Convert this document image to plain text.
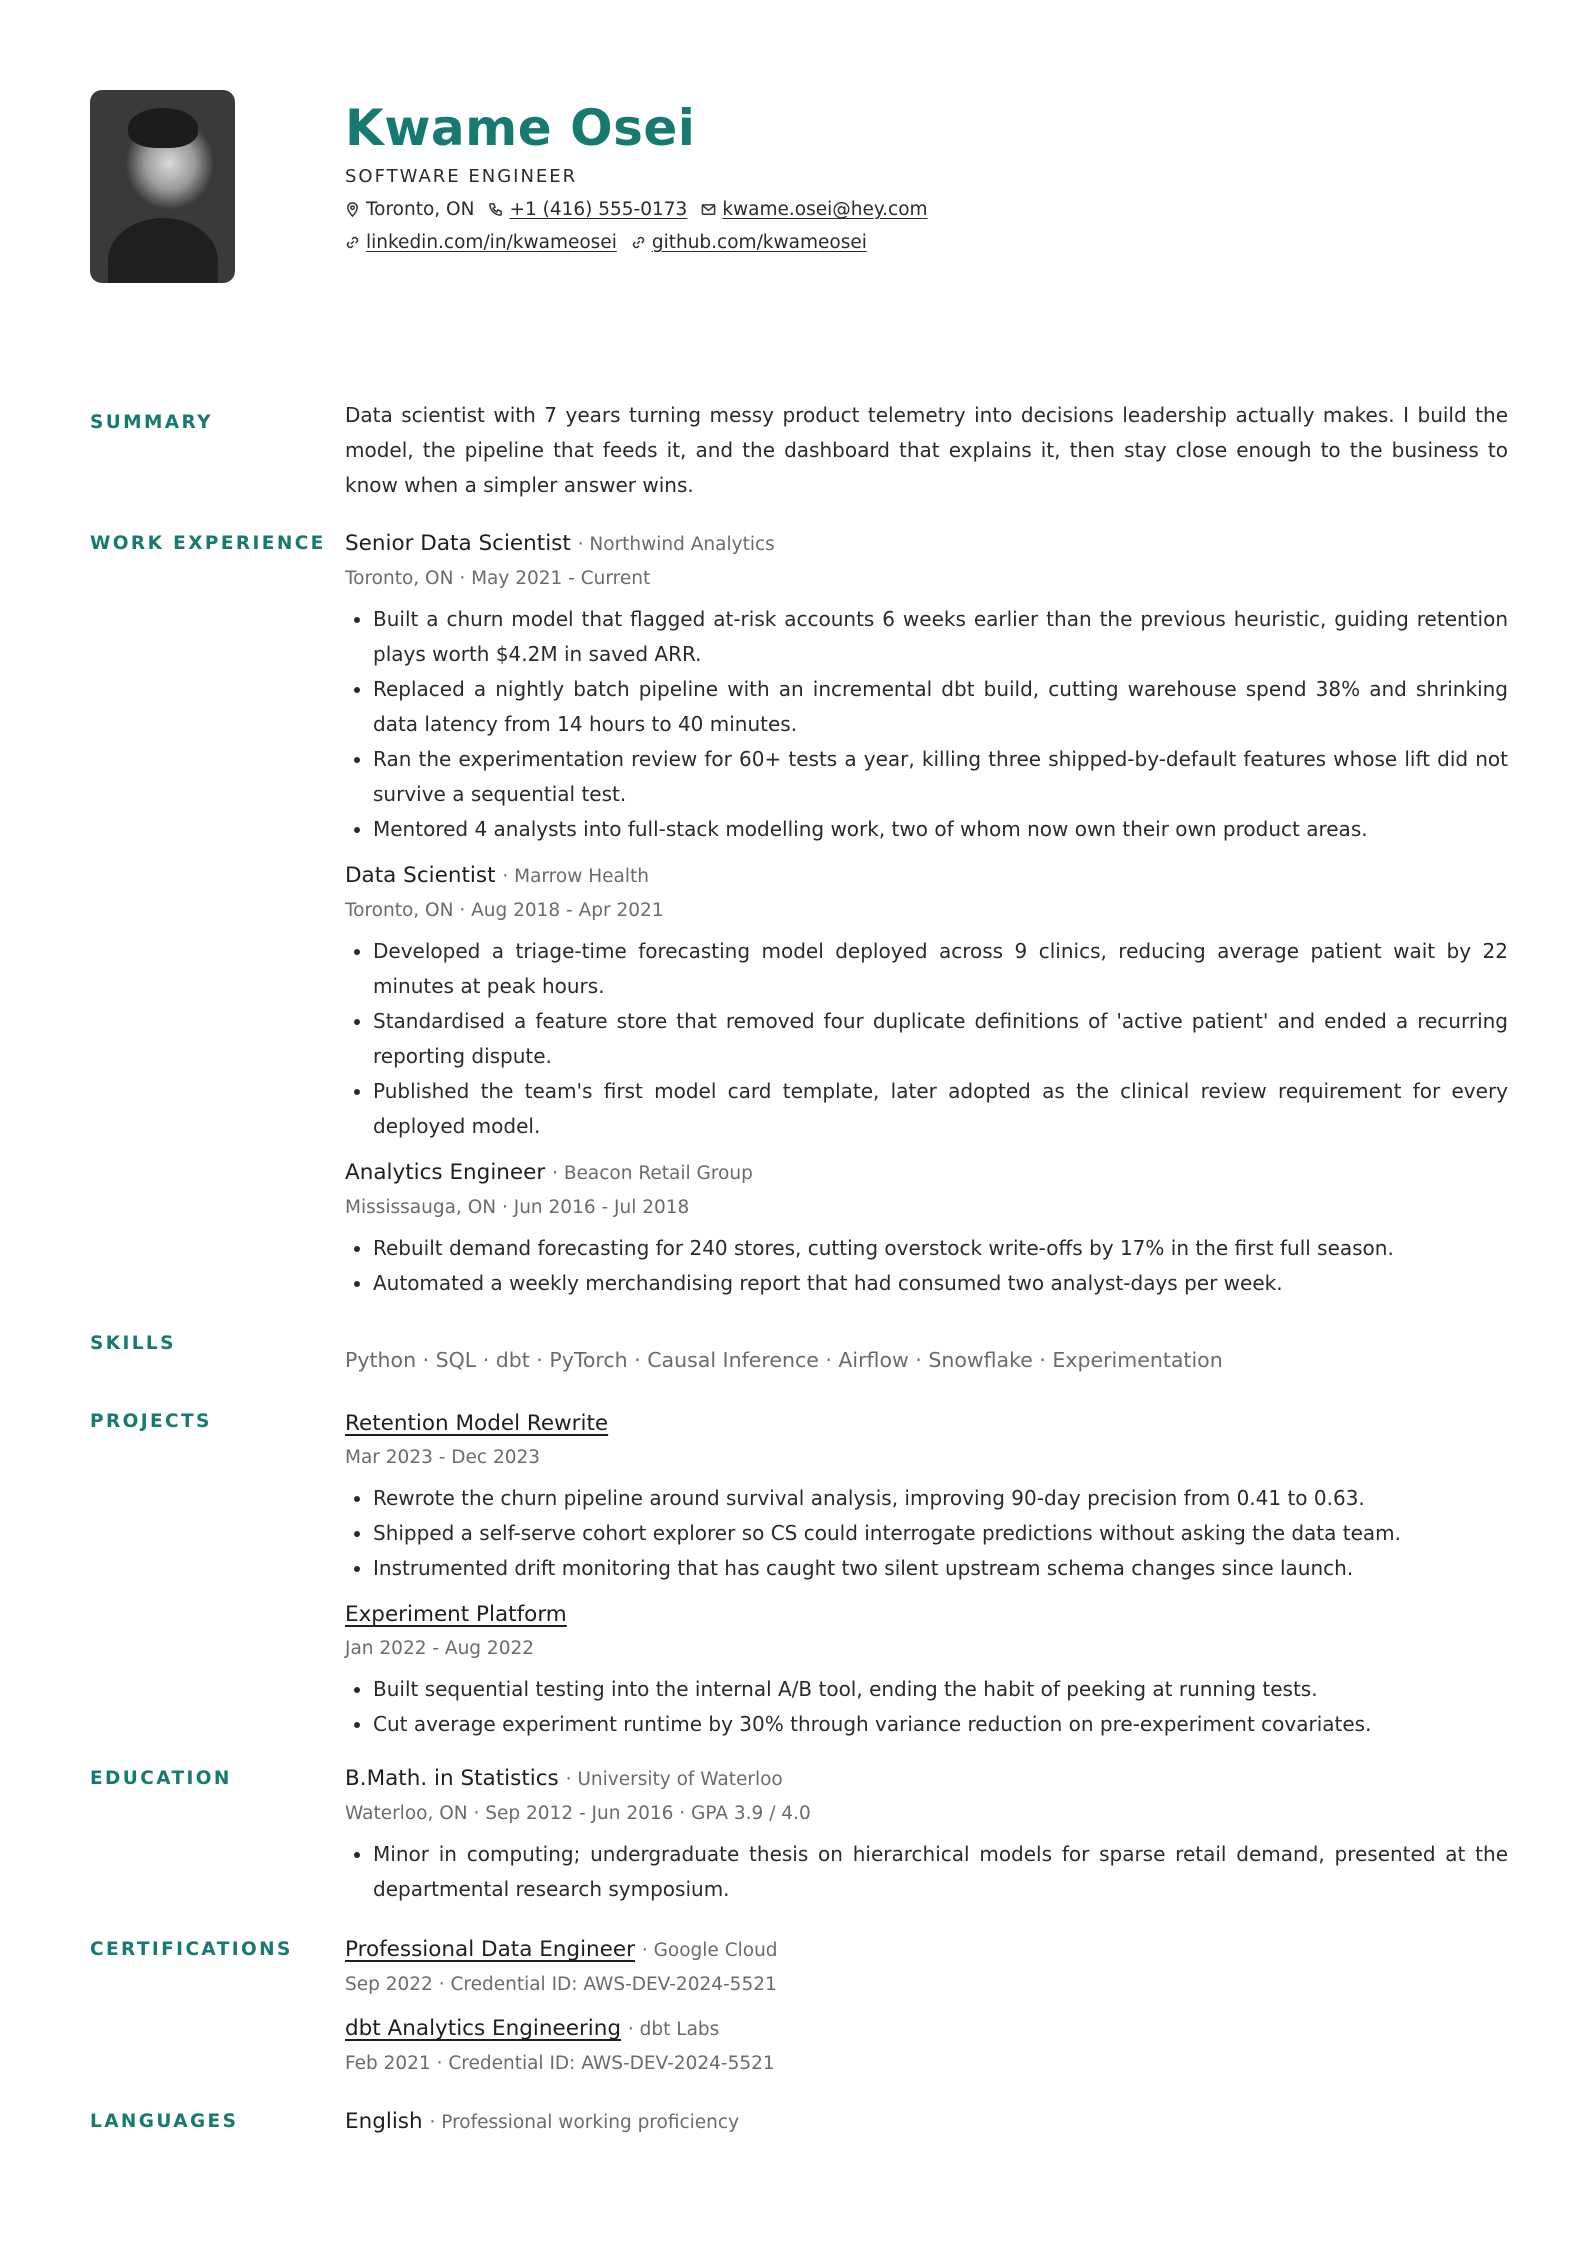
Kwame Osei
SOFTWARE ENGINEER
Toronto, ON +1 (416) 555-0173 kwame.osei@hey.com
linkedin.com/in/kwameosei github.com/kwameosei
SUMMARY	Data scientist with 7 years turning messy product telemetry into decisions leadership actually makes. I build the model, the pipeline that feeds it, and the dashboard that explains it, then stay close enough to the business to know when a simpler answer wins.
WORK EXPERIENCE Senior Data Scientist · Northwind Analytics
Toronto, ON · May 2021 - Current
• Built a churn model that flagged at-risk accounts 6 weeks earlier than the previous heuristic, guiding retention plays worth $4.2M in saved ARR.
• Replaced a nightly batch pipeline with an incremental dbt build, cutting warehouse spend 38% and shrinking data latency from 14 hours to 40 minutes.
• Ran the experimentation review for 60+ tests a year, killing three shipped-by-default features whose lift did not survive a sequential test.
• Mentored 4 analysts into full-stack modelling work, two of whom now own their own product areas.
Data Scientist · Marrow Health
Toronto, ON · Aug 2018 - Apr 2021
• Developed a triage-time forecasting model deployed across 9 clinics, reducing average patient wait by 22 minutes at peak hours.
• Standardised a feature store that removed four duplicate definitions of 'active patient' and ended a recurring reporting dispute.
• Published the team's first model card template, later adopted as the clinical review requirement for every deployed model.
Analytics Engineer · Beacon Retail Group
Mississauga, ON · Jun 2016 - Jul 2018
• Rebuilt demand forecasting for 240 stores, cutting overstock write-offs by 17% in the first full season.
• Automated a weekly merchandising report that had consumed two analyst-days per week.
SKILLS
Python · SQL · dbt · PyTorch · Causal Inference · Airflow · Snowflake · Experimentation
PROJECTS	Retention Model Rewrite
Mar 2023 - Dec 2023
• Rewrote the churn pipeline around survival analysis, improving 90-day precision from 0.41 to 0.63.
• Shipped a self-serve cohort explorer so CS could interrogate predictions without asking the data team.
• Instrumented drift monitoring that has caught two silent upstream schema changes since launch.
Experiment Platform
Jan 2022 - Aug 2022
• Built sequential testing into the internal A/B tool, ending the habit of peeking at running tests.
• Cut average experiment runtime by 30% through variance reduction on pre-experiment covariates.
EDUCATION	B.Math. in Statistics · University of Waterloo
Waterloo, ON · Sep 2012 - Jun 2016 · GPA 3.9 / 4.0
• Minor in computing; undergraduate thesis on hierarchical models for sparse retail demand, presented at the departmental research symposium.
CERTIFICATIONS	Professional Data Engineer · Google Cloud
Sep 2022 · Credential ID: AWS-DEV-2024-5521
dbt Analytics Engineering · dbt Labs
Feb 2021 · Credential ID: AWS-DEV-2024-5521
LANGUAGES	English · Professional working proficiency
